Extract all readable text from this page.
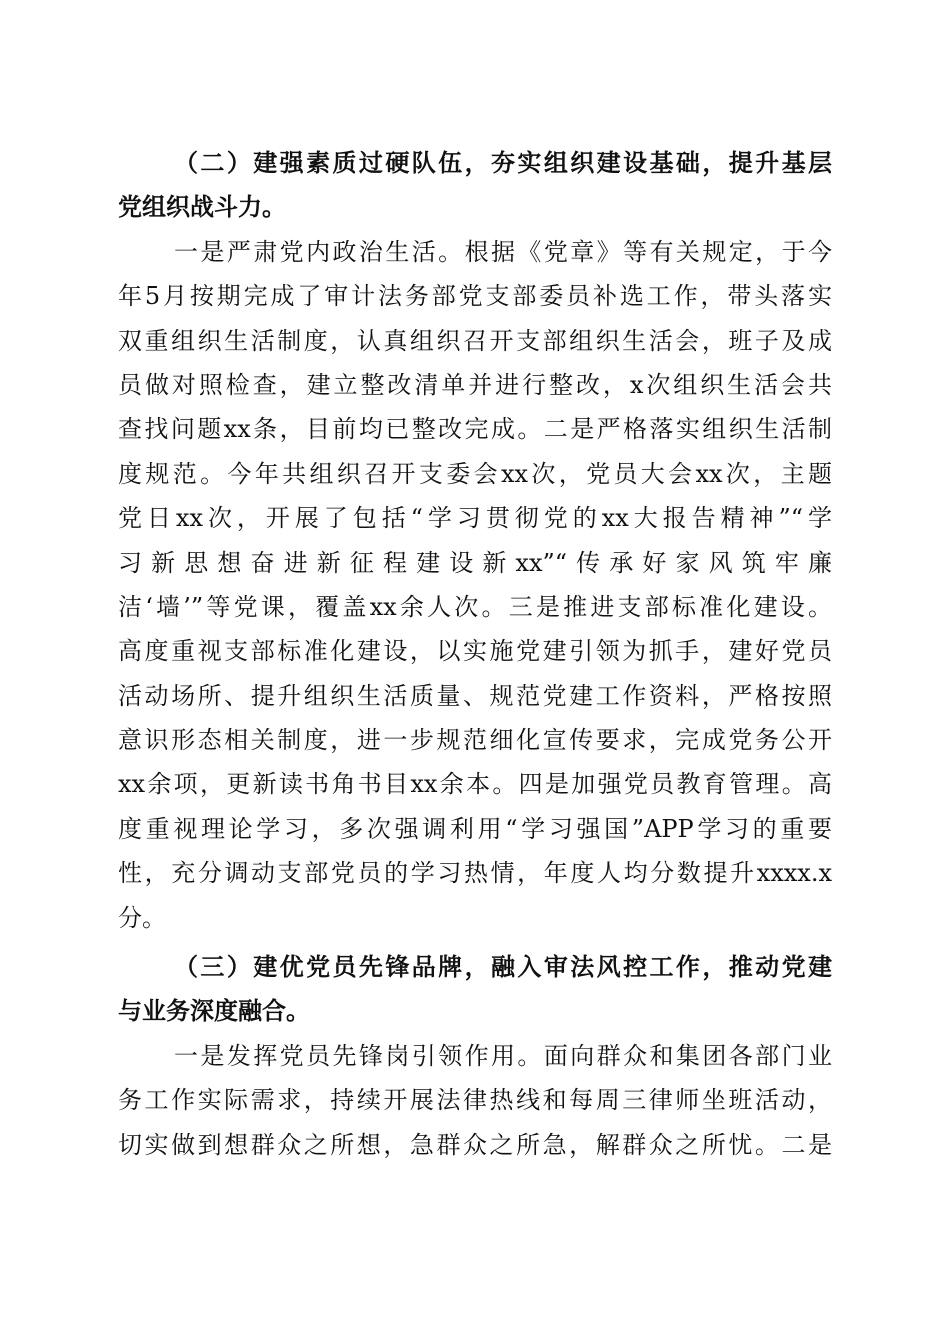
（二）建强素质过硬队伍，夯实组织建设基础，提升基层
党组织战斗力。
一是严肃党内政治生活。根据《党章》等有关规定，于今
年5月按期完成了审计法务部党支部委员补选工作，带头落实
双重组织生活制度，认真组织召开支部组织生活会，班子及成
员做对照检查，建立整改清单并进行整改，x次组织生活会共
查找问题xx条，目前均已整改完成。二是严格落实组织生活制
度规范。今年共组织召开支委会xx次，党员大会xx次，主题
党日xx次，开展了包括“学习贯彻党的xx大报告精神”“学
习新思想奋进新征程建设新xx”“传承好家风筑牢廉
洁‘墙’”等党课，覆盖xx余人次。三是推进支部标准化建设。
高度重视支部标准化建设，以实施党建引领为抓手，建好党员
活动场所、提升组织生活质量、规范党建工作资料，严格按照
意识形态相关制度，进一步规范细化宣传要求，完成党务公开
xx余项，更新读书角书目xx余本。四是加强党员教育管理。高
度重视理论学习，多次强调利用“学习强国”APP学习的重要
性，充分调动支部党员的学习热情，年度人均分数提升xxxx.x
分。
（三）建优党员先锋品牌，融入审法风控工作，推动党建
与业务深度融合。
一是发挥党员先锋岗引领作用。面向群众和集团各部门业
务工作实际需求，持续开展法律热线和每周三律师坐班活动，
切实做到想群众之所想，急群众之所急，解群众之所忧。二是
